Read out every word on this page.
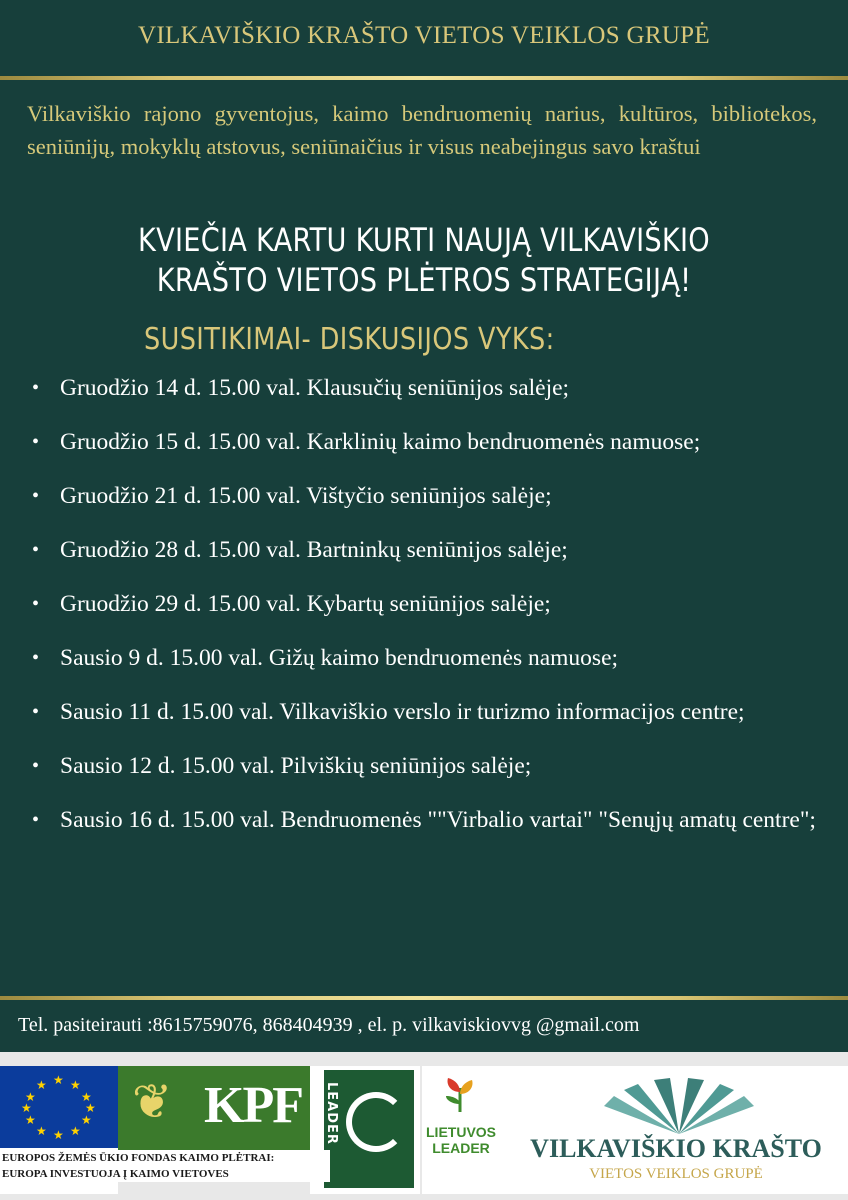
VILKAVIŠKIO KRAŠTO VIETOS VEIKLOS GRUPĖ

Vilkaviškio rajono gyventojus, kaimo bendruomenių narius, kultūros, bibliotekos, seniūnijų, mokyklų atstovus, seniūnaičius ir visus neabejingus savo kraštui

KVIEČIA KARTU KURTI NAUJĄ VILKAVIŠKIO
KRAŠTO VIETOS PLĖTROS STRATEGIJĄ!
SUSITIKIMAI- DISKUSIJOS VYKS:
• Gruodžio 14 d. 15.00 val. Klausučių seniūnijos salėje;
• Gruodžio 15 d. 15.00 val. Karklinių kaimo bendruomenės namuose;
• Gruodžio 21 d. 15.00 val. Vištyčio seniūnijos salėje;
• Gruodžio 28 d. 15.00 val. Bartninkų seniūnijos salėje;
• Gruodžio 29 d. 15.00 val. Kybartų seniūnijos salėje;
• Sausio 9 d. 15.00 val. Gižų kaimo bendruomenės namuose;
• Sausio 11 d. 15.00 val. Vilkaviškio verslo ir turizmo informacijos centre;
• Sausio 12 d. 15.00 val. Pilviškių seniūnijos salėje;
• Sausio 16 d. 15.00 val. Bendruomenės ""Virbalio vartai" "Senųjų amatų centre";
Tel. pasiteirauti :8615759076, 868404939 , el. p. vilkaviskiovvg @gmail.com
★ ★
★
★
★
★
★
★
★
★
★
★
EUROPOS ŽEMĖS ŪKIO FONDAS KAIMO PLĖTRAI:
EUROPA INVESTUOJA Į KAIMO VIETOVES
❦ KPF LEADER	LIETUVOS
LEADER	VILKAVIŠKIO KRAŠTO
VIETOS VEIKLOS GRUPĖ
